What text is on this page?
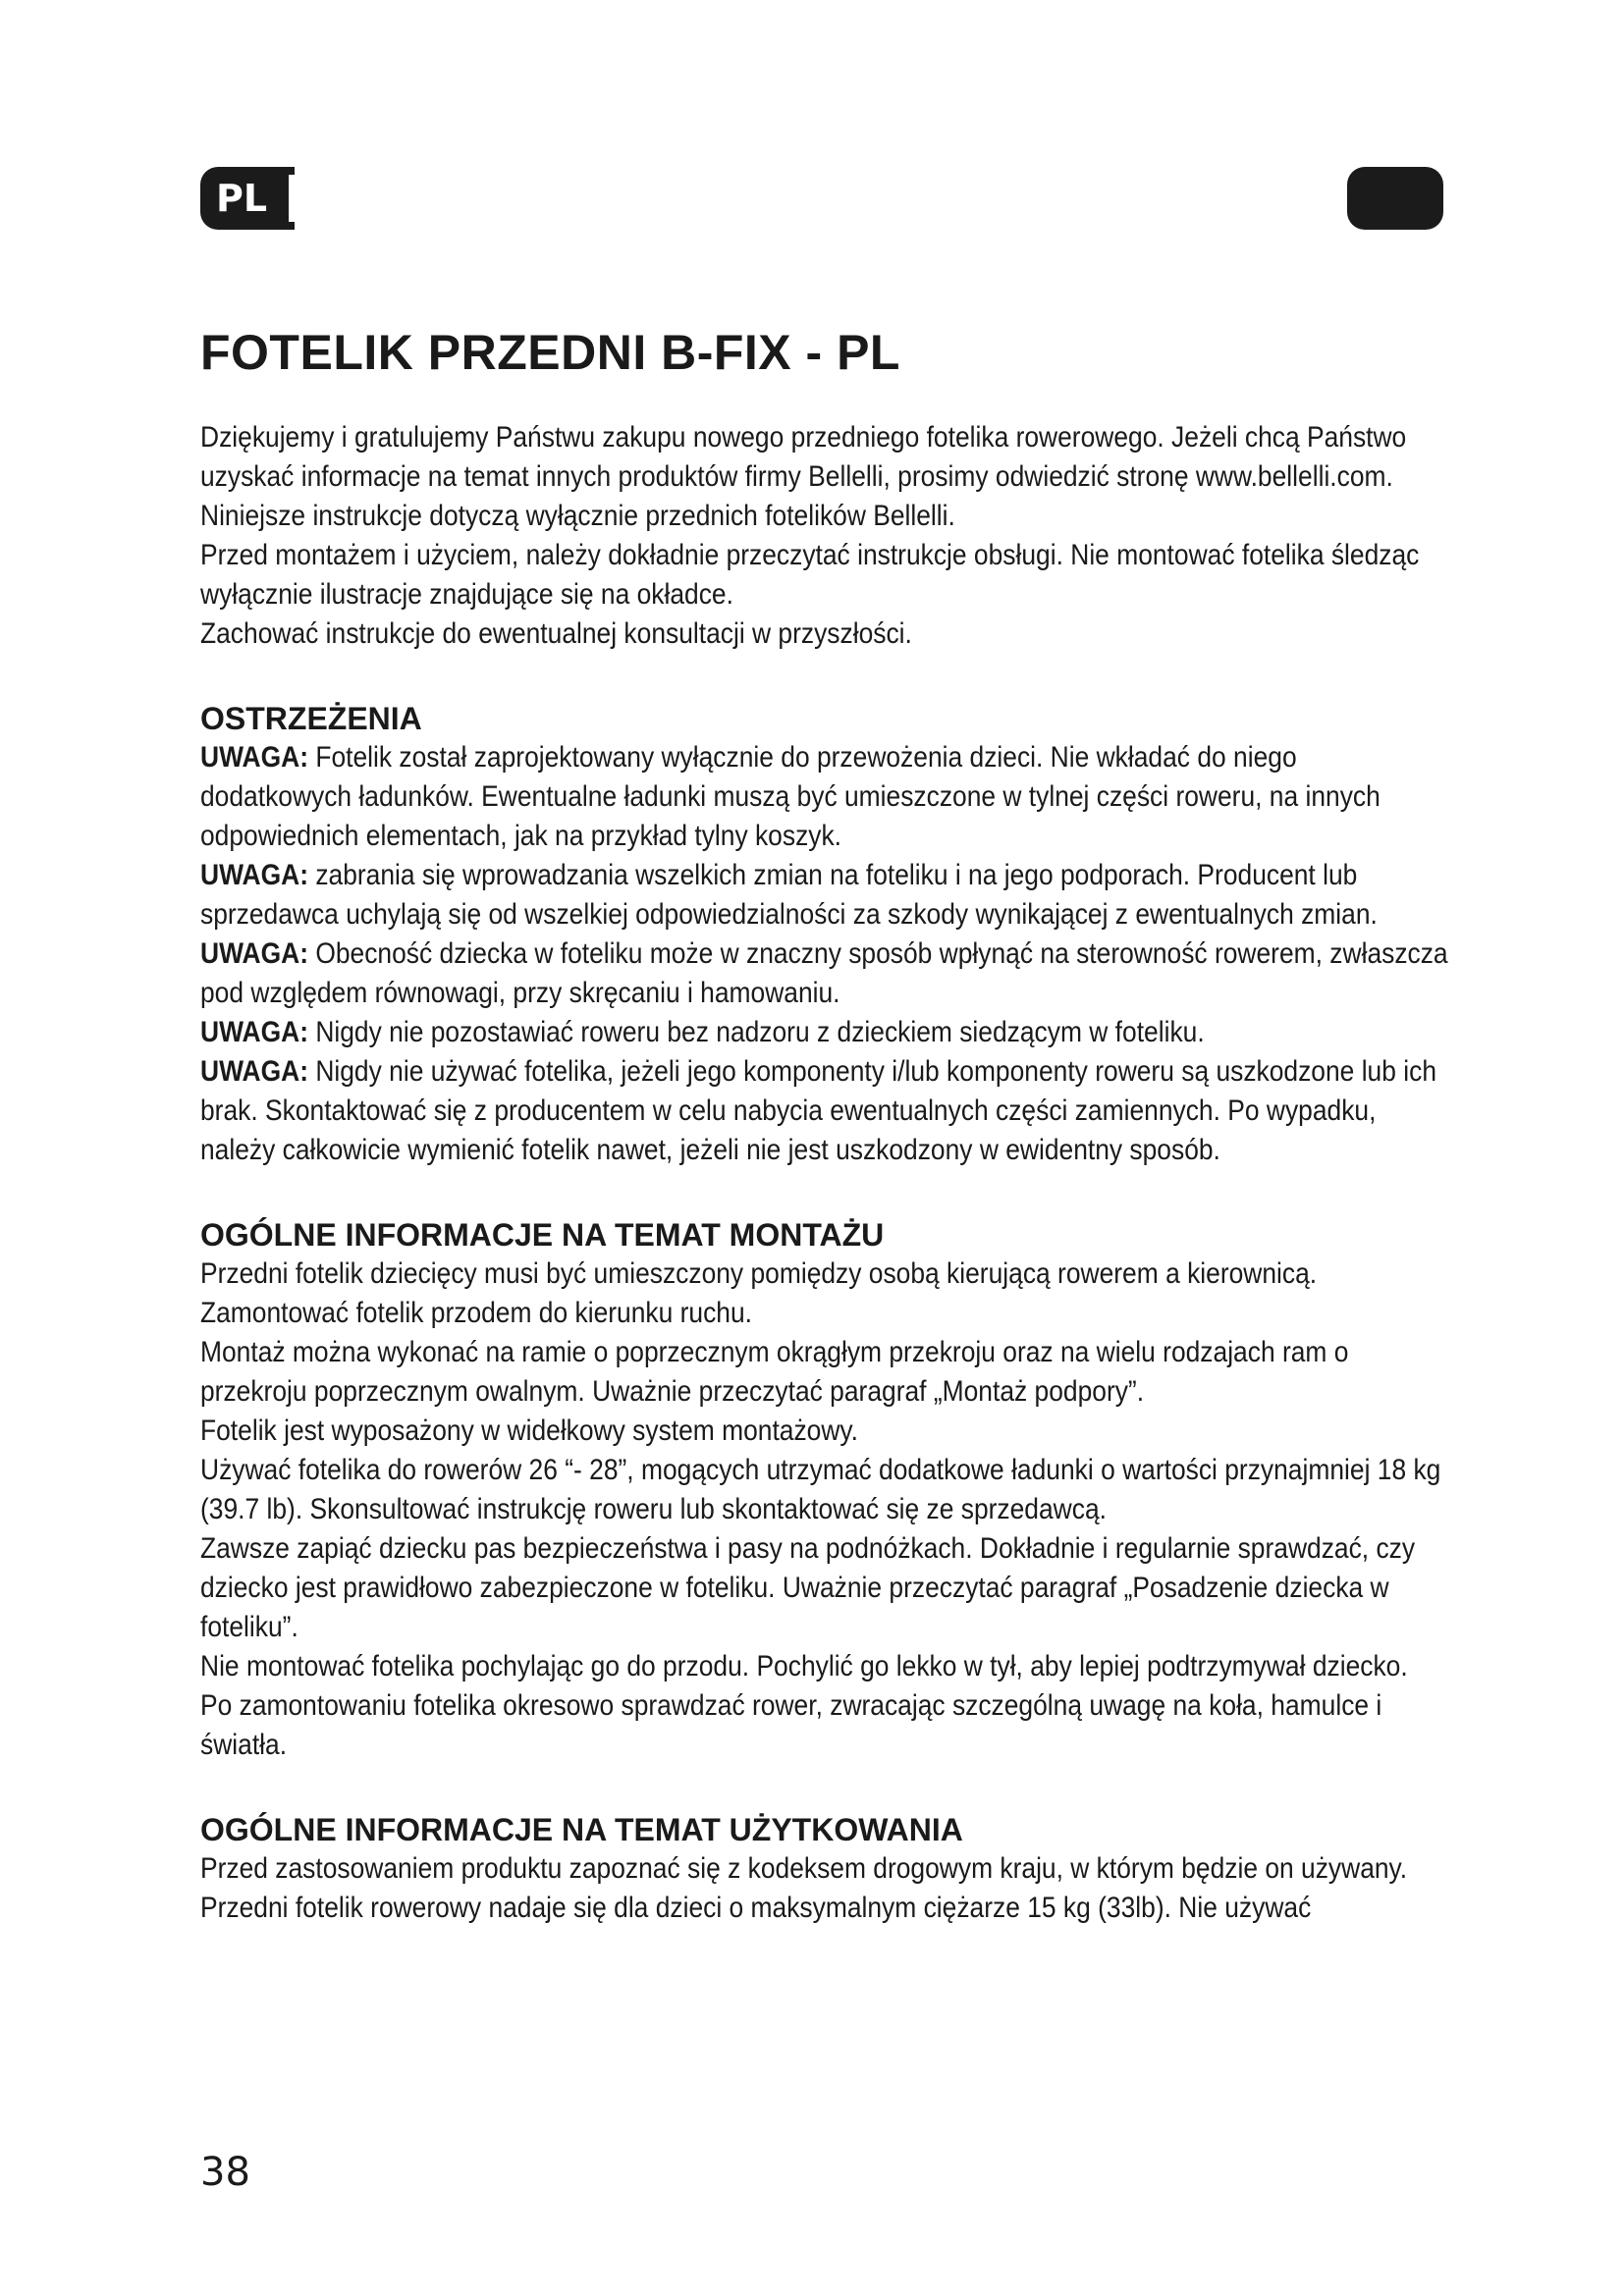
PL
FOTELIK PRZEDNI B-FIX - PL

Dziękujemy i gratulujemy Państwu zakupu nowego przedniego fotelika rowerowego. Jeżeli chcą Państwo uzyskać informacje na temat innych produktów firmy Bellelli, prosimy odwiedzić stronę www.bellelli.com.

Niniejsze instrukcje dotyczą wyłącznie przednich fotelików Bellelli.

Przed montażem i użyciem, należy dokładnie przeczytać instrukcje obsługi. Nie montować fotelika śledząc wyłącznie ilustracje znajdujące się na okładce.

Zachować instrukcje do ewentualnej konsultacji w przyszłości.

OSTRZEŻENIA

UWAGA: Fotelik został zaprojektowany wyłącznie do przewożenia dzieci. Nie wkładać do niego dodatkowych ładunków. Ewentualne ładunki muszą być umieszczone w tylnej części roweru, na innych odpowiednich elementach, jak na przykład tylny koszyk.

UWAGA: zabrania się wprowadzania wszelkich zmian na foteliku i na jego podporach. Producent lub sprzedawca uchylają się od wszelkiej odpowiedzialności za szkody wynikającej z ewentualnych zmian.

UWAGA: Obecność dziecka w foteliku może w znaczny sposób wpłynąć na sterowność rowerem, zwłaszcza pod względem równowagi, przy skręcaniu i hamowaniu.

UWAGA: Nigdy nie pozostawiać roweru bez nadzoru z dzieckiem siedzącym w foteliku.

UWAGA: Nigdy nie używać fotelika, jeżeli jego komponenty i/lub komponenty roweru są uszkodzone lub ich brak. Skontaktować się z producentem w celu nabycia ewentualnych części zamiennych. Po wypadku, należy całkowicie wymienić fotelik nawet, jeżeli nie jest uszkodzony w ewidentny sposób.

OGÓLNE INFORMACJE NA TEMAT MONTAŻU

Przedni fotelik dziecięcy musi być umieszczony pomiędzy osobą kierującą rowerem a kierownicą. Zamontować fotelik przodem do kierunku ruchu.

Montaż można wykonać na ramie o poprzecznym okrągłym przekroju oraz na wielu rodzajach ram o przekroju poprzecznym owalnym. Uważnie przeczytać paragraf „Montaż podpory”.

Fotelik jest wyposażony w widełkowy system montażowy.

Używać fotelika do rowerów 26 “- 28”, mogących utrzymać dodatkowe ładunki o wartości przynajmniej 18 kg (39.7 lb). Skonsultować instrukcję roweru lub skontaktować się ze sprzedawcą.

Zawsze zapiąć dziecku pas bezpieczeństwa i pasy na podnóżkach. Dokładnie i regularnie sprawdzać, czy dziecko jest prawidłowo zabezpieczone w foteliku. Uważnie przeczytać paragraf „Posadzenie dziecka w foteliku”.

Nie montować fotelika pochylając go do przodu. Pochylić go lekko w tył, aby lepiej podtrzymywał dziecko.

Po zamontowaniu fotelika okresowo sprawdzać rower, zwracając szczególną uwagę na koła, hamulce i światła.

OGÓLNE INFORMACJE NA TEMAT UŻYTKOWANIA

Przed zastosowaniem produktu zapoznać się z kodeksem drogowym kraju, w którym będzie on używany.

Przedni fotelik rowerowy nadaje się dla dzieci o maksymalnym ciężarze 15 kg (33lb). Nie używać

38
